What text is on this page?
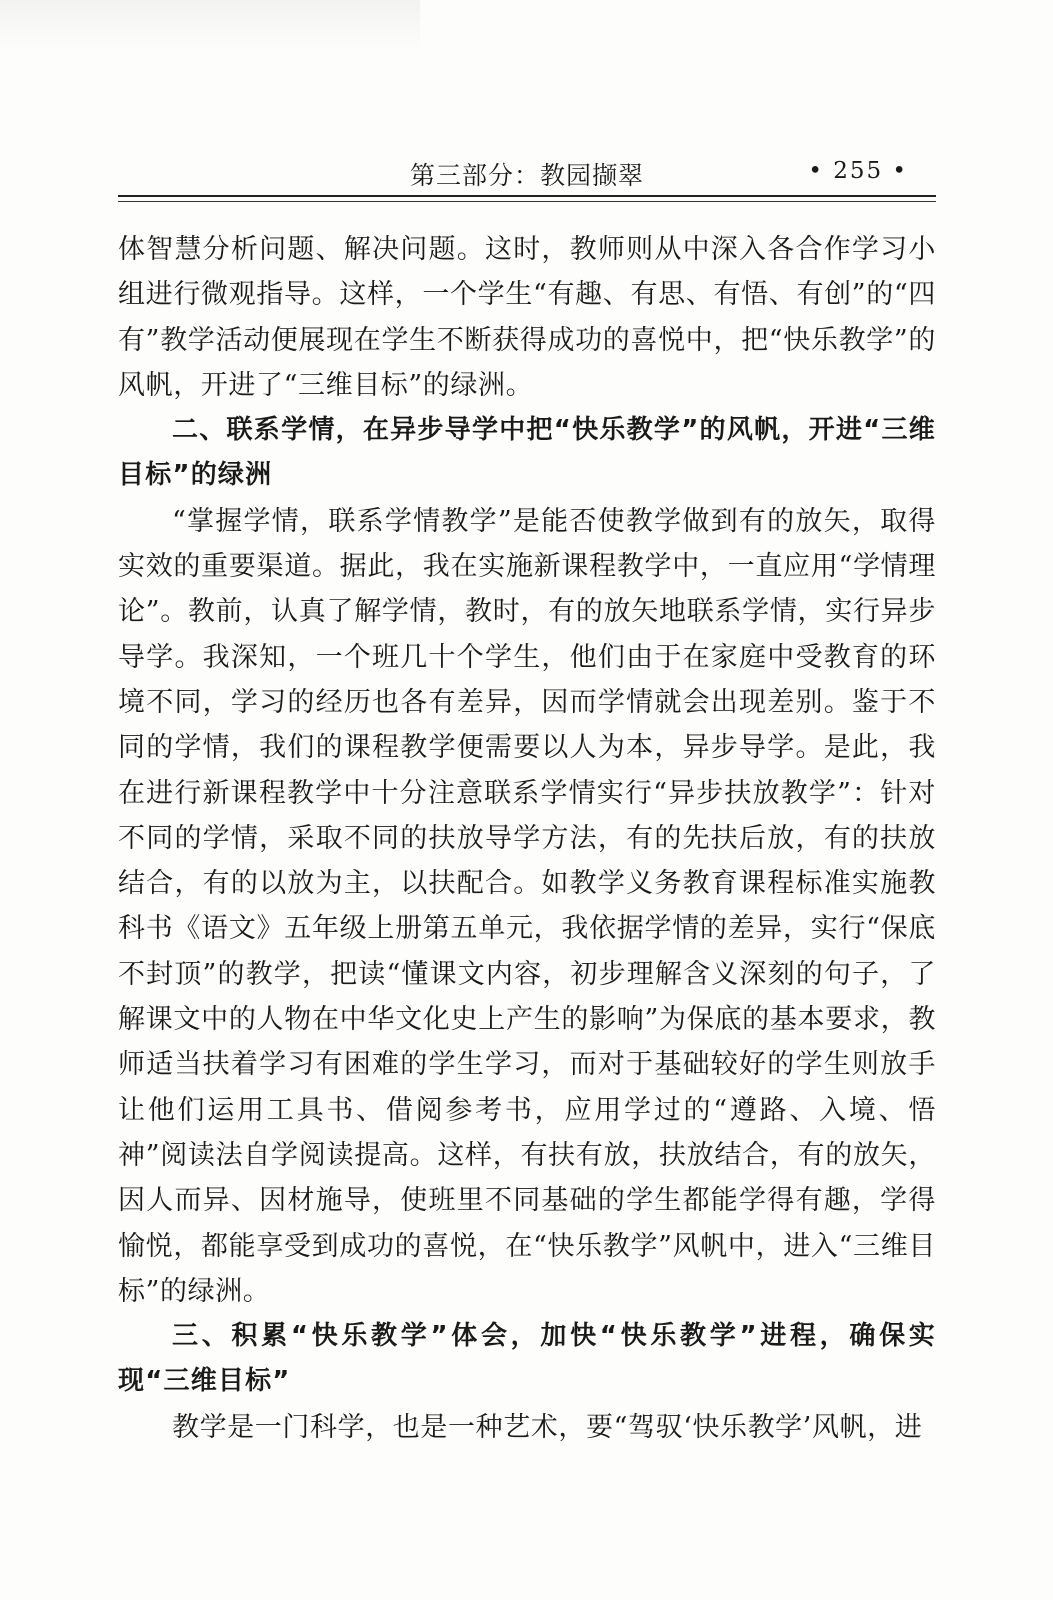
第三部分：教园撷翠	• 255 •

体智慧分析问题、解决问题。这时，教师则从中深入各合作学习小组进行微观指导。这样，一个学生“有趣、有思、有悟、有创”的“四有”教学活动便展现在学生不断获得成功的喜悦中，把“快乐教学”的风帆，开进了“三维目标”的绿洲。

二、联系学情，在异步导学中把“快乐教学”的风帆，开进“三维目标”的绿洲

“掌握学情，联系学情教学”是能否使教学做到有的放矢，取得实效的重要渠道。据此，我在实施新课程教学中，一直应用“学情理论”。教前，认真了解学情，教时，有的放矢地联系学情，实行异步导学。我深知，一个班几十个学生，他们由于在家庭中受教育的环境不同，学习的经历也各有差异，因而学情就会出现差别。鉴于不同的学情，我们的课程教学便需要以人为本，异步导学。是此，我在进行新课程教学中十分注意联系学情实行“异步扶放教学”：针对不同的学情，采取不同的扶放导学方法，有的先扶后放，有的扶放结合，有的以放为主，以扶配合。如教学义务教育课程标准实施教科书《语文》五年级上册第五单元，我依据学情的差异，实行“保底不封顶”的教学，把读“懂课文内容，初步理解含义深刻的句子，了解课文中的人物在中华文化史上产生的影响”为保底的基本要求，教师适当扶着学习有困难的学生学习，而对于基础较好的学生则放手让他们运用工具书、借阅参考书，应用学过的“遵路、入境、悟神”阅读法自学阅读提高。这样，有扶有放，扶放结合，有的放矢，因人而异、因材施导，使班里不同基础的学生都能学得有趣，学得愉悦，都能享受到成功的喜悦，在“快乐教学”风帆中，进入“三维目标”的绿洲。

三、积累“快乐教学”体会，加快“快乐教学”进程，确保实现“三维目标”

教学是一门科学，也是一种艺术，要“驾驭‘快乐教学’风帆，进
